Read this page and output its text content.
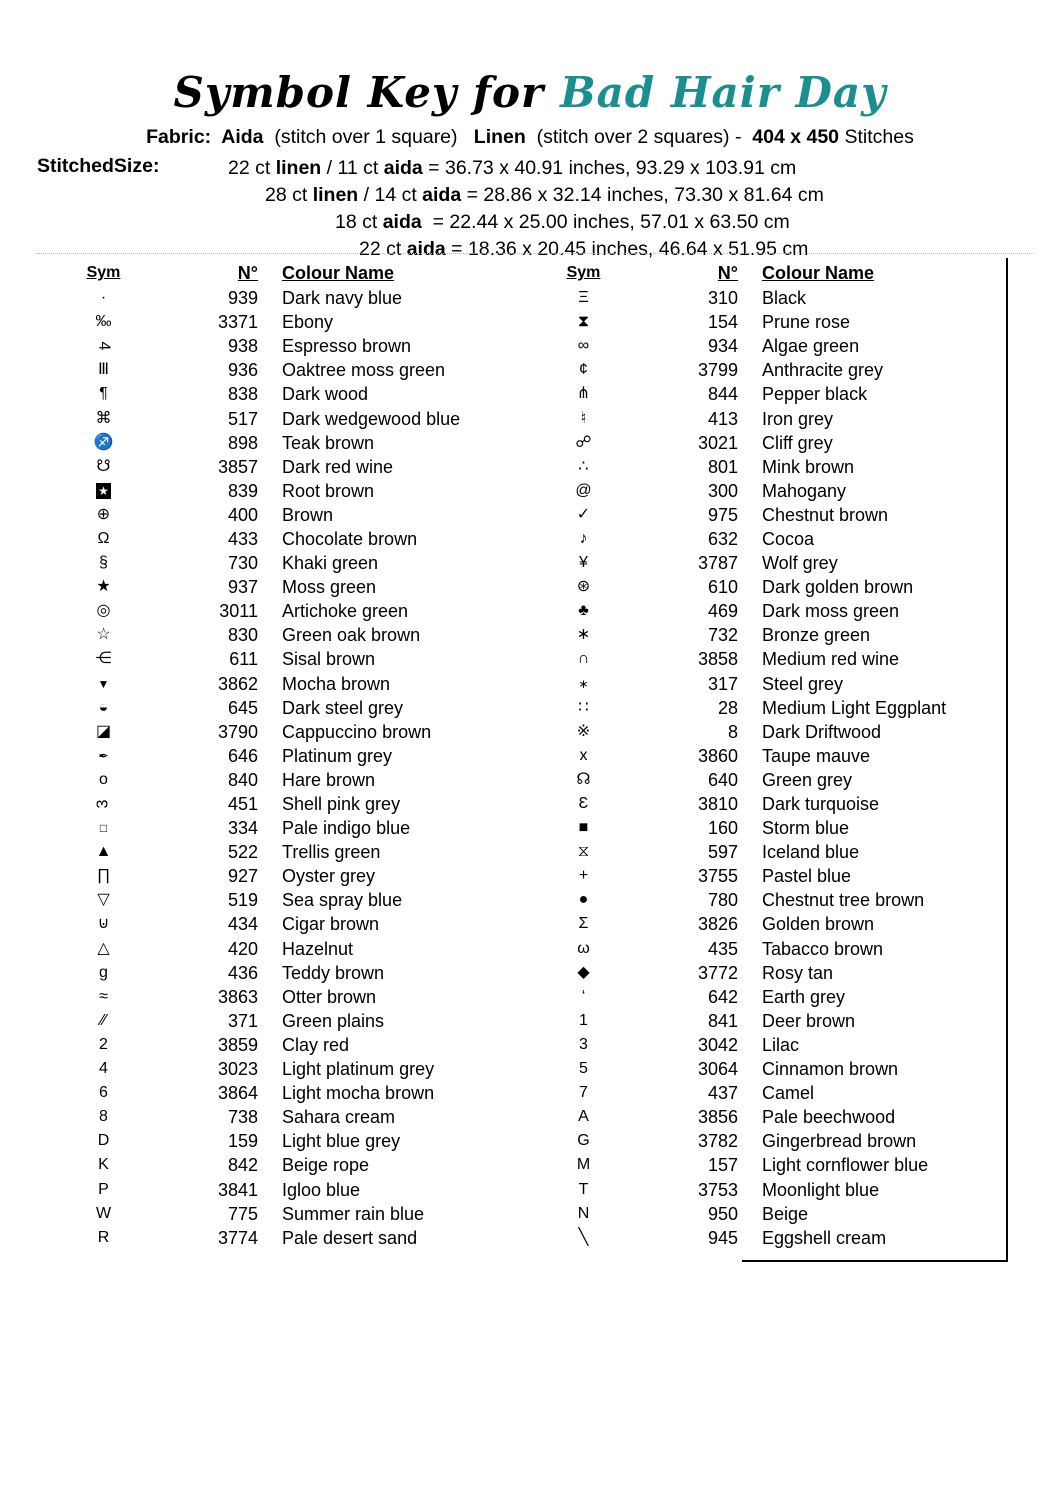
Symbol Key for Bad Hair Day
Fabric:  Aida  (stitch over 1 square)   Linen  (stitch over 2 squares) -  404 x 450 Stitches
StitchedSize:	22 ct linen / 11 ct aida = 36.73 x 40.91 inches, 93.29 x 103.91 cm
28 ct linen / 14 ct aida = 28.86 x 32.14 inches, 73.30 x 81.64 cm
18 ct aida  = 22.44 x 25.00 inches, 57.01 x 63.50 cm
22 ct aida = 18.36 x 20.45 inches, 46.64 x 51.95 cm
Sym	N°	Colour Name
·	939	Dark navy blue
‰	3371	Ebony
4	938	Espresso brown
Ⅲ	936	Oaktree moss green
¶	838	Dark wood
⌘	517	Dark wedgewood blue
♐	898	Teak brown
☋	3857	Dark red wine
★	839	Root brown
⊕	400	Brown
Ω	433	Chocolate brown
§	730	Khaki green
★	937	Moss green
◎	3011	Artichoke green
☆	830	Green oak brown
⋲	611	Sisal brown
▼	3862	Mocha brown
◒	645	Dark steel grey
◪	3790	Cappuccino brown
✒	646	Platinum grey
o	840	Hare brown
3	451	Shell pink grey
□	334	Pale indigo blue
▲	522	Trellis green
∏	927	Oyster grey
▽	519	Sea spray blue
⊍	434	Cigar brown
△	420	Hazelnut
g	436	Teddy brown
≈	3863	Otter brown
∕∕	371	Green plains
2	3859	Clay red
4	3023	Light platinum grey
6	3864	Light mocha brown
8	738	Sahara cream
D	159	Light blue grey
K	842	Beige rope
P	3841	Igloo blue
W	775	Summer rain blue
R	3774	Pale desert sand
Sym	N°	Colour Name
Ξ	310	Black
⧗	154	Prune rose
∞	934	Algae green
¢	3799	Anthracite grey
⋔	844	Pepper black
♮	413	Iron grey
☍	3021	Cliff grey
∴	801	Mink brown
@	300	Mahogany
✓	975	Chestnut brown
♪	632	Cocoa
¥	3787	Wolf grey
⊛	610	Dark golden brown
♣	469	Dark moss green
∗	732	Bronze green
∩	3858	Medium red wine
∗	317	Steel grey
∷	28	Medium Light Eggplant
※	8	Dark Driftwood
x	3860	Taupe mauve
☊	640	Green grey
Ɛ	3810	Dark turquoise
■	160	Storm blue
⧖	597	Iceland blue
+	3755	Pastel blue
●	780	Chestnut tree brown
Σ	3826	Golden brown
ω	435	Tabacco brown
◆	3772	Rosy tan
‘	642	Earth grey
1	841	Deer brown
3	3042	Lilac
5	3064	Cinnamon brown
7	437	Camel
A	3856	Pale beechwood
G	3782	Gingerbread brown
M	157	Light cornflower blue
T	3753	Moonlight blue
N	950	Beige
╲	945	Eggshell cream
